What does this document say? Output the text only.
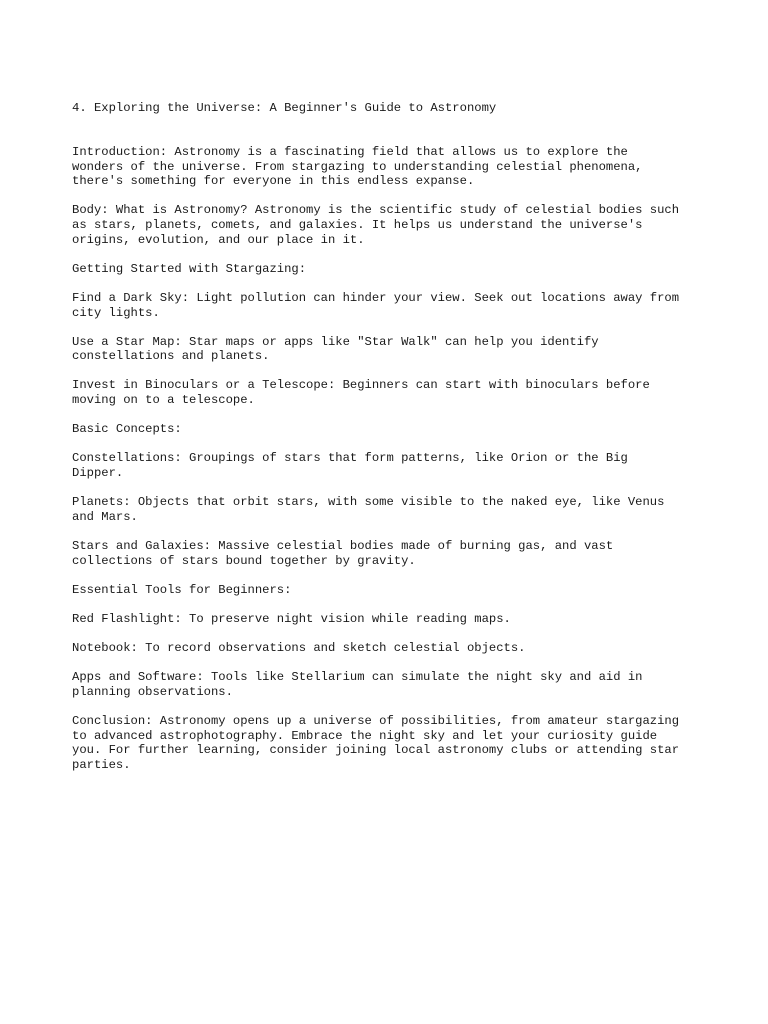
4. Exploring the Universe: A Beginner's Guide to Astronomy

Introduction: Astronomy is a fascinating field that allows us to explore the
wonders of the universe. From stargazing to understanding celestial phenomena,
there's something for everyone in this endless expanse.
Body: What is Astronomy? Astronomy is the scientific study of celestial bodies such
as stars, planets, comets, and galaxies. It helps us understand the universe's
origins, evolution, and our place in it.
Getting Started with Stargazing:
Find a Dark Sky: Light pollution can hinder your view. Seek out locations away from
city lights.
Use a Star Map: Star maps or apps like "Star Walk" can help you identify
constellations and planets.
Invest in Binoculars or a Telescope: Beginners can start with binoculars before
moving on to a telescope.
Basic Concepts:
Constellations: Groupings of stars that form patterns, like Orion or the Big
Dipper.
Planets: Objects that orbit stars, with some visible to the naked eye, like Venus
and Mars.
Stars and Galaxies: Massive celestial bodies made of burning gas, and vast
collections of stars bound together by gravity.
Essential Tools for Beginners:
Red Flashlight: To preserve night vision while reading maps.
Notebook: To record observations and sketch celestial objects.
Apps and Software: Tools like Stellarium can simulate the night sky and aid in
planning observations.
Conclusion: Astronomy opens up a universe of possibilities, from amateur stargazing
to advanced astrophotography. Embrace the night sky and let your curiosity guide
you. For further learning, consider joining local astronomy clubs or attending star
parties.
